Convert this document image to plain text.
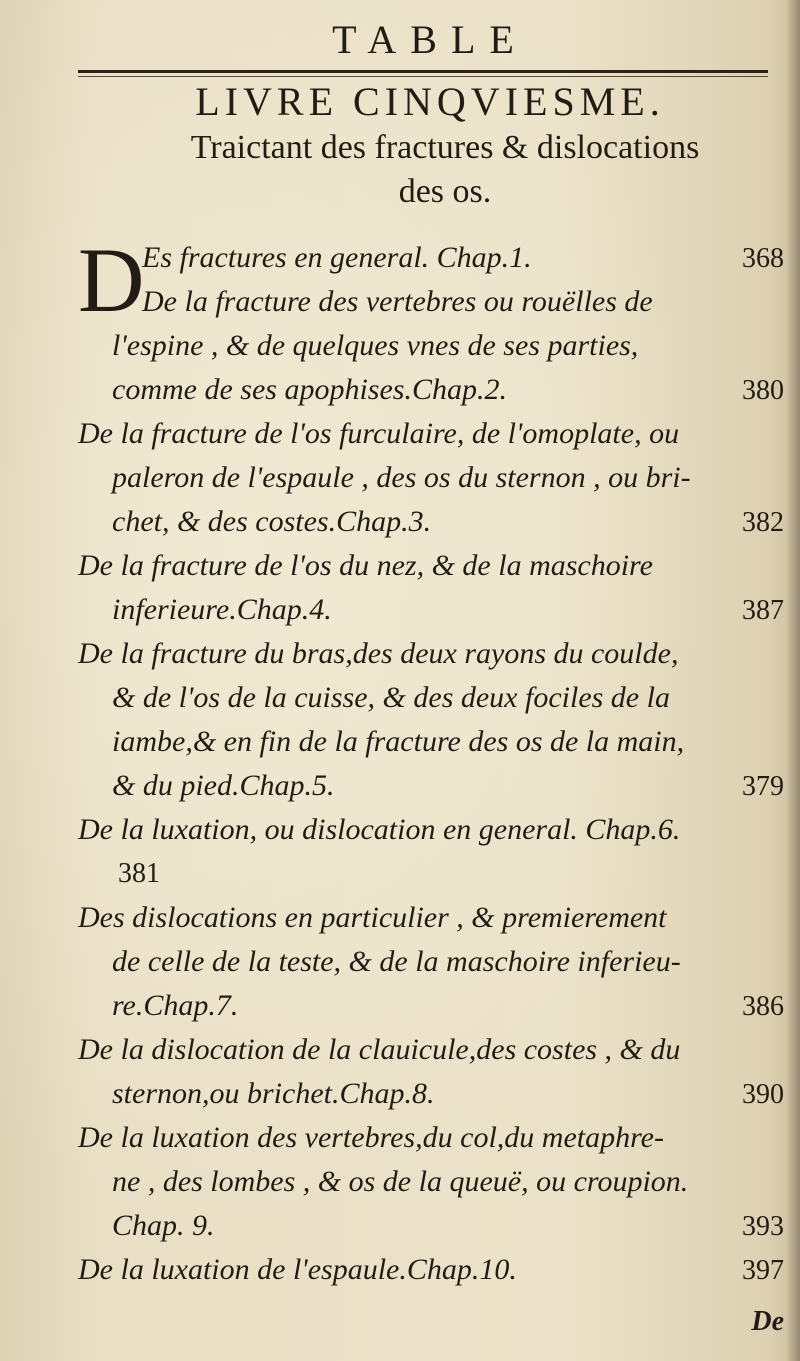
TABLE
LIVRE CINQVIESME.
Traictant des fractures & dislocations
des os.
D
Es fractures en general. Chap.1.	368
De la fracture des vertebres ou rouëlles de
l'espine , & de quelques vnes de ses parties,
comme de ses apophises.Chap.2.	380
De la fracture de l'os furculaire, de l'omoplate, ou
paleron de l'espaule , des os du sternon , ou bri-
chet, & des costes.Chap.3.	382
De la fracture de l'os du nez, & de la maschoire
inferieure.Chap.4.	387
De la fracture du bras,des deux rayons du coulde,
& de l'os de la cuisse, & des deux fociles de la
iambe,& en fin de la fracture des os de la main,
& du pied.Chap.5.	379
De la luxation, ou dislocation en general. Chap.6.
381
Des dislocations en particulier , & premierement
de celle de la teste, & de la maschoire inferieu-
re.Chap.7.	386
De la dislocation de la clauicule,des costes , & du
sternon,ou brichet.Chap.8.	390
De la luxation des vertebres,du col,du metaphre-
ne , des lombes , & os de la queuë, ou croupion.
Chap. 9.	393
De la luxation de l'espaule.Chap.10.	397
De
